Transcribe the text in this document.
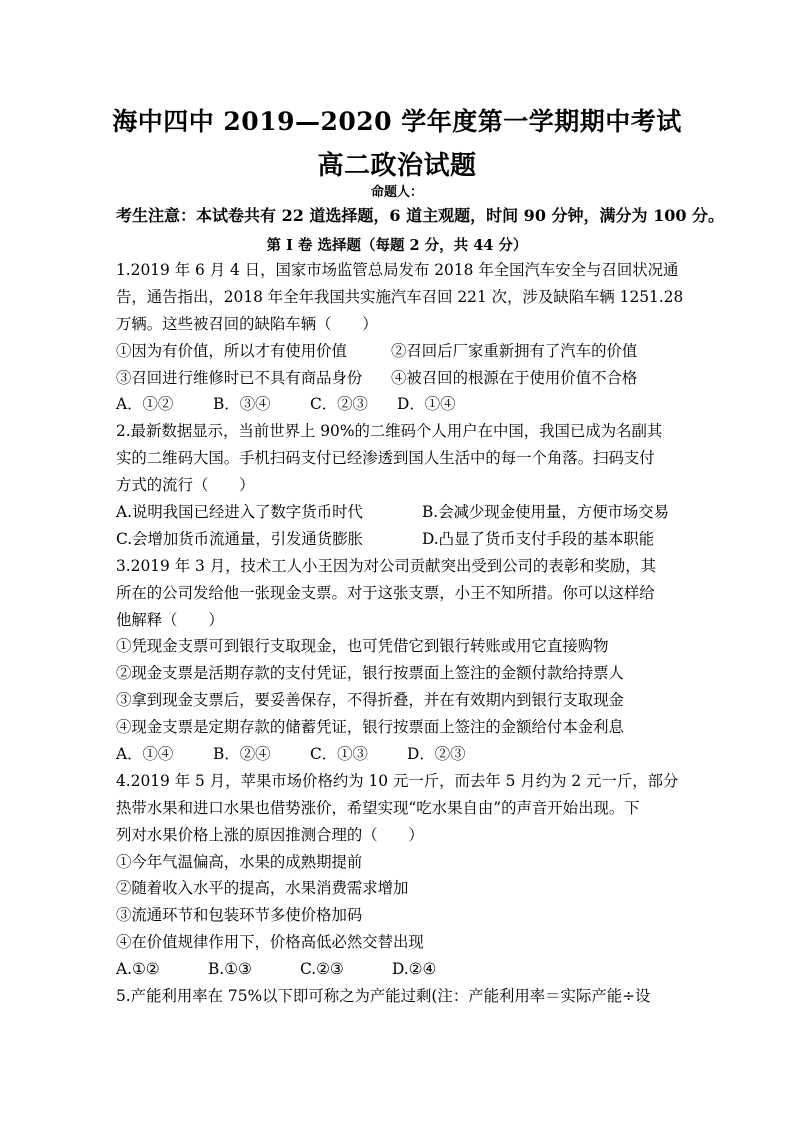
海中四中 2019—2020 学年度第一学期期中考试
高二政治试题
命题人：
考生注意：本试卷共有 22 道选择题，6 道主观题，时间 90 分钟，满分为 100 分。
第 I 卷 选择题（每题 2 分，共 44 分）
1.2019 年 6 月 4 日，国家市场监管总局发布 2018 年全国汽车安全与召回状况通
告，通告指出，2018 年全年我国共实施汽车召回 221 次，涉及缺陷车辆 1251.28
万辆。这些被召回的缺陷车辆（　　）
①因为有价值，所以才有使用价值	②召回后厂家重新拥有了汽车的价值
③召回进行维修时已不具有商品身份	④被召回的根源在于使用价值不合格
A．①②	B．③④	C．②③	D．①④
2.最新数据显示，当前世界上 90%的二维码个人用户在中国，我国已成为名副其
实的二维码大国。手机扫码支付已经渗透到国人生活中的每一个角落。扫码支付
方式的流行（　　）
A.说明我国已经进入了数字货币时代	B.会减少现金使用量，方便市场交易
C.会增加货币流通量，引发通货膨胀	D.凸显了货币支付手段的基本职能
3.2019 年 3 月，技术工人小王因为对公司贡献突出受到公司的表彰和奖励，其
所在的公司发给他一张现金支票。对于这张支票，小王不知所措。你可以这样给
他解释（　　）
①凭现金支票可到银行支取现金，也可凭借它到银行转账或用它直接购物
②现金支票是活期存款的支付凭证，银行按票面上签注的金额付款给持票人
③拿到现金支票后，要妥善保存，不得折叠，并在有效期内到银行支取现金
④现金支票是定期存款的储蓄凭证，银行按票面上签注的金额给付本金利息
A．①④	B．②④	C．①③	D．②③
4.2019 年 5 月，苹果市场价格约为 10 元一斤，而去年 5 月约为 2 元一斤，部分
热带水果和进口水果也借势涨价，希望实现“吃水果自由”的声音开始出现。下
列对水果价格上涨的原因推测合理的（　　）
①今年气温偏高，水果的成熟期提前
②随着收入水平的提高，水果消费需求增加
③流通环节和包装环节多使价格加码
④在价值规律作用下，价格高低必然交替出现
A.①②	B.①③	C.②③	D.②④
5.产能利用率在 75%以下即可称之为产能过剩(注：产能利用率＝实际产能÷设
